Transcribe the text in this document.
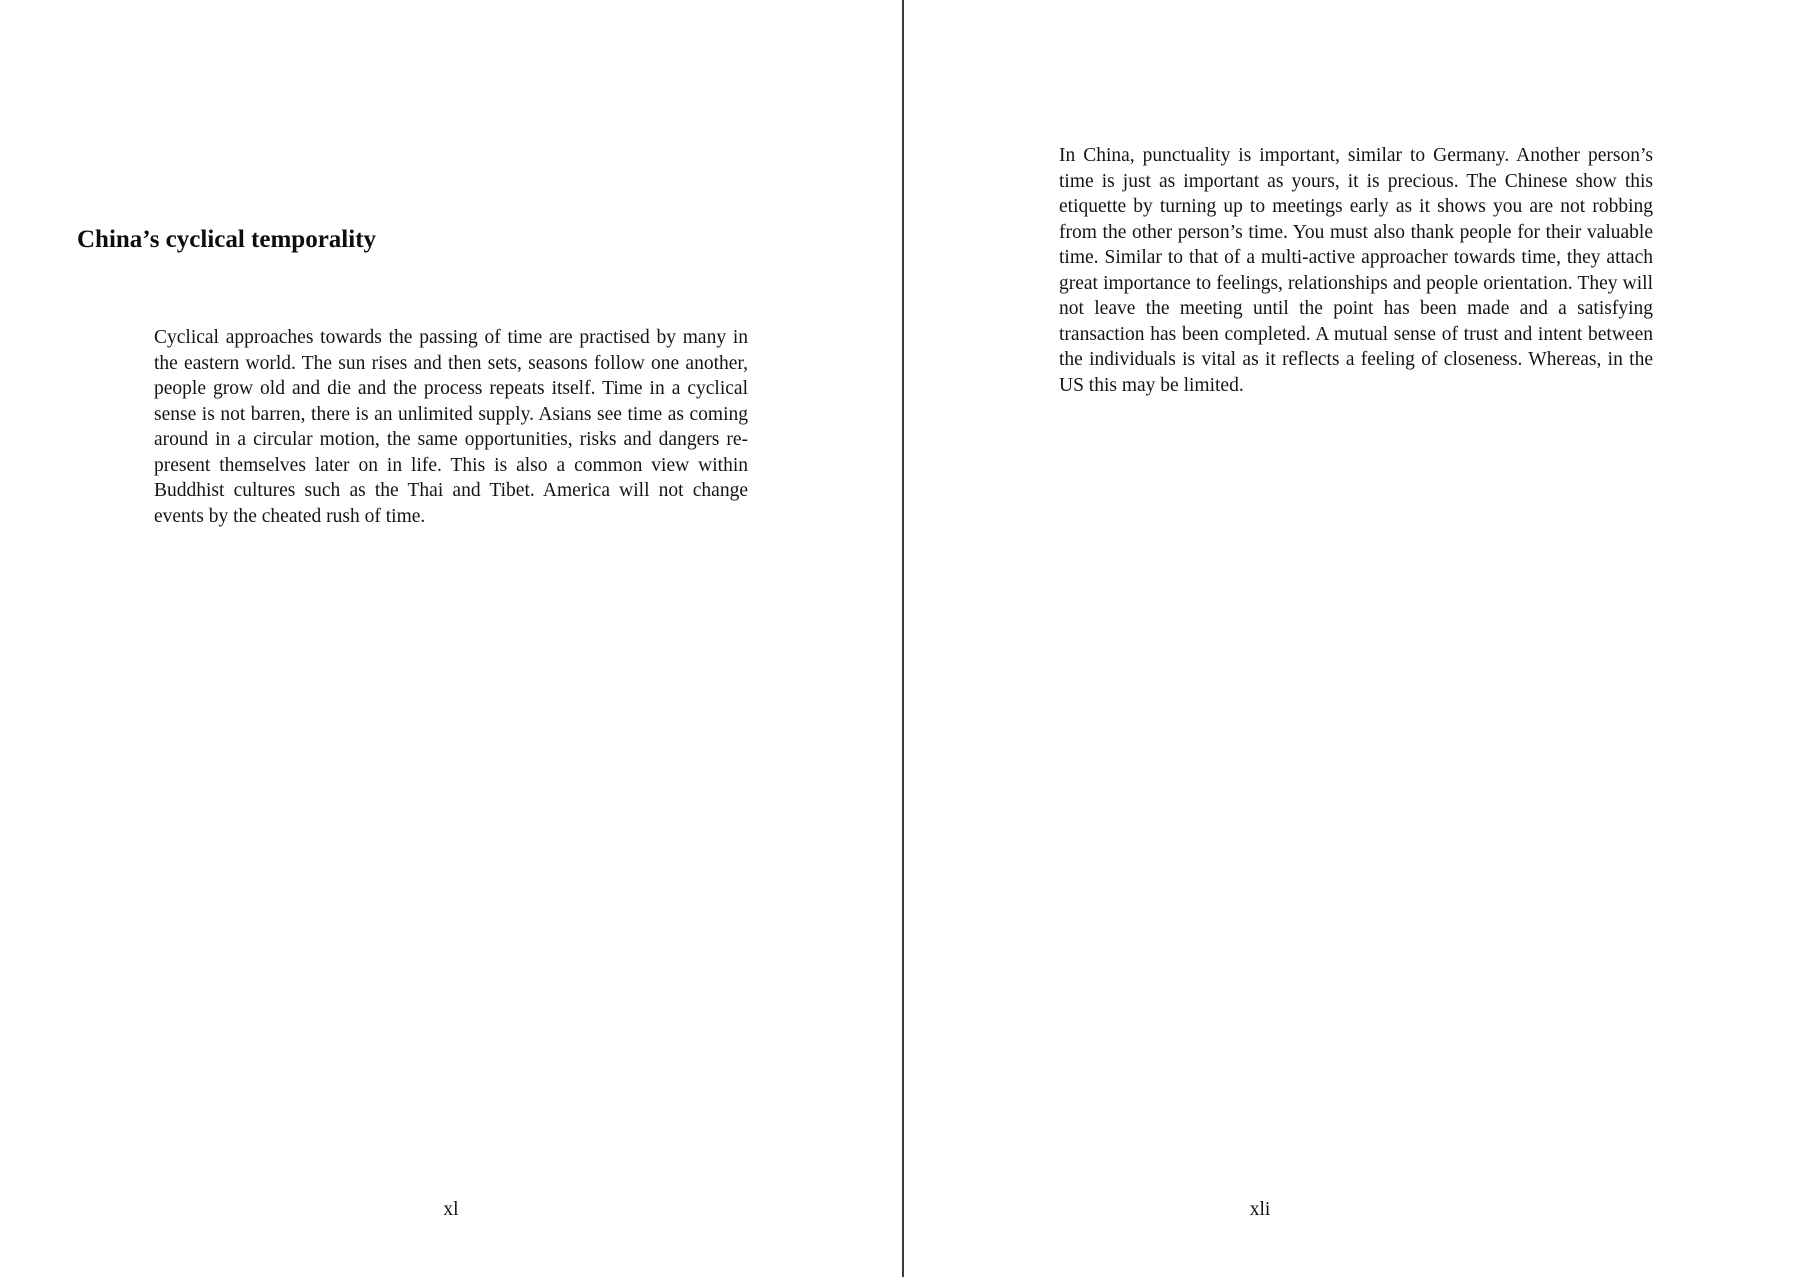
China’s cyclical temporality

Cyclical approaches towards the passing of time are practised by many in the eastern world. The sun rises and then sets, seasons follow one another, people grow old and die and the process repeats itself. Time in a cyclical sense is not barren, there is an unlimited supply. Asians see time as coming around in a circular motion, the same opportunities, risks and dangers re-present themselves later on in life. This is also a common view within Buddhist cultures such as the Thai and Tibet. America will not change events by the cheated rush of time.

xl

In China, punctuality is important, similar to Germany. Another person’s time is just as important as yours, it is precious. The Chinese show this etiquette by turning up to meetings early as it shows you are not robbing from the other person’s time. You must also thank people for their valuable time. Similar to that of a multi-active approacher towards time, they attach great importance to feelings, relationships and people orientation. They will not leave the meeting until the point has been made and a satisfying transaction has been completed. A mutual sense of trust and intent between the individuals is vital as it reflects a feeling of closeness. Whereas, in the US this may be limited.

xli
